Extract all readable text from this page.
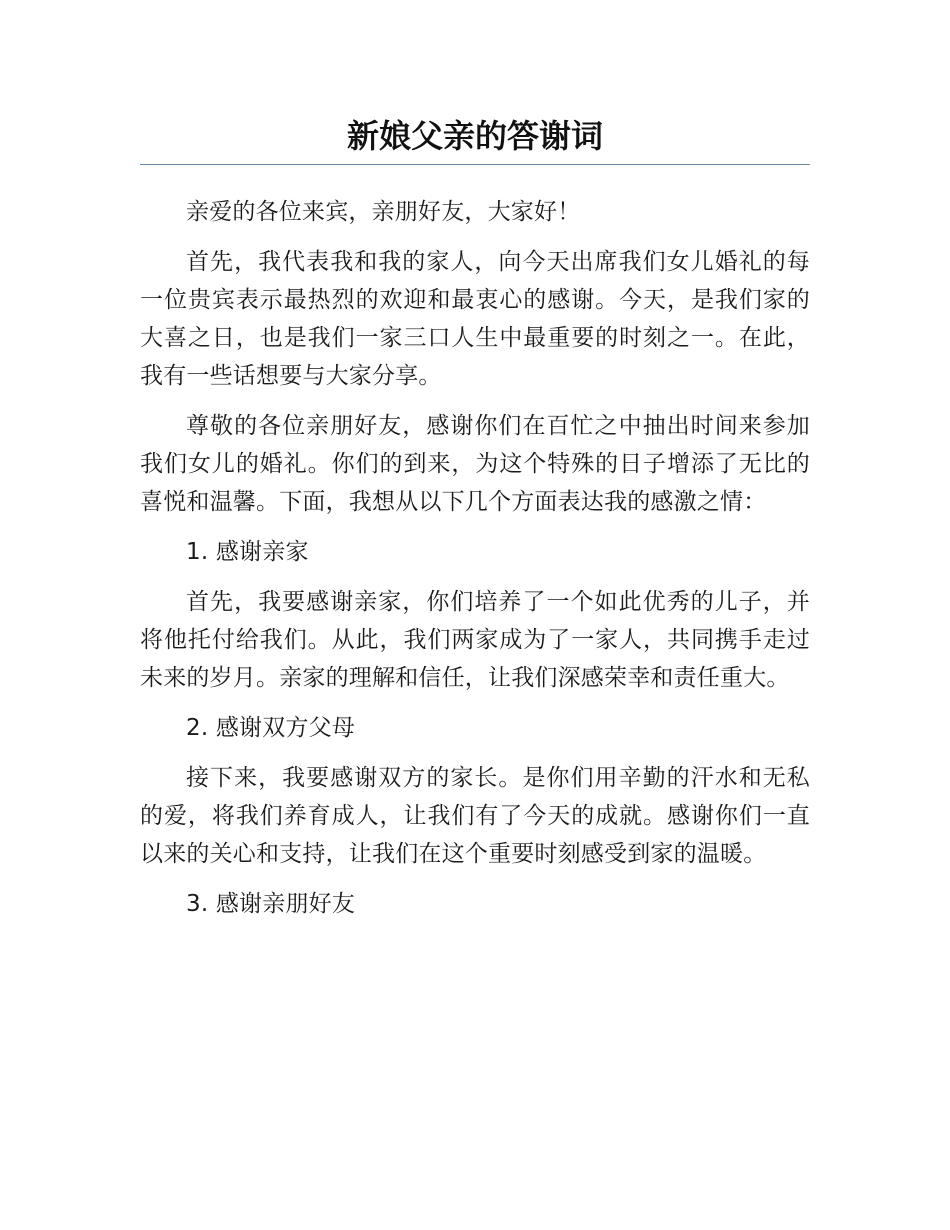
新娘父亲的答谢词

亲爱的各位来宾，亲朋好友，大家好！

首先，我代表我和我的家人，向今天出席我们女儿婚礼的每一位贵宾表示最热烈的欢迎和最衷心的感谢。今天，是我们家的大喜之日，也是我们一家三口人生中最重要的时刻之一。在此，我有一些话想要与大家分享。

尊敬的各位亲朋好友，感谢你们在百忙之中抽出时间来参加我们女儿的婚礼。你们的到来，为这个特殊的日子增添了无比的喜悦和温馨。下面，我想从以下几个方面表达我的感激之情：

1. 感谢亲家

首先，我要感谢亲家，你们培养了一个如此优秀的儿子，并将他托付给我们。从此，我们两家成为了一家人，共同携手走过未来的岁月。亲家的理解和信任，让我们深感荣幸和责任重大。

2. 感谢双方父母

接下来，我要感谢双方的家长。是你们用辛勤的汗水和无私的爱，将我们养育成人，让我们有了今天的成就。感谢你们一直以来的关心和支持，让我们在这个重要时刻感受到家的温暖。

3. 感谢亲朋好友
